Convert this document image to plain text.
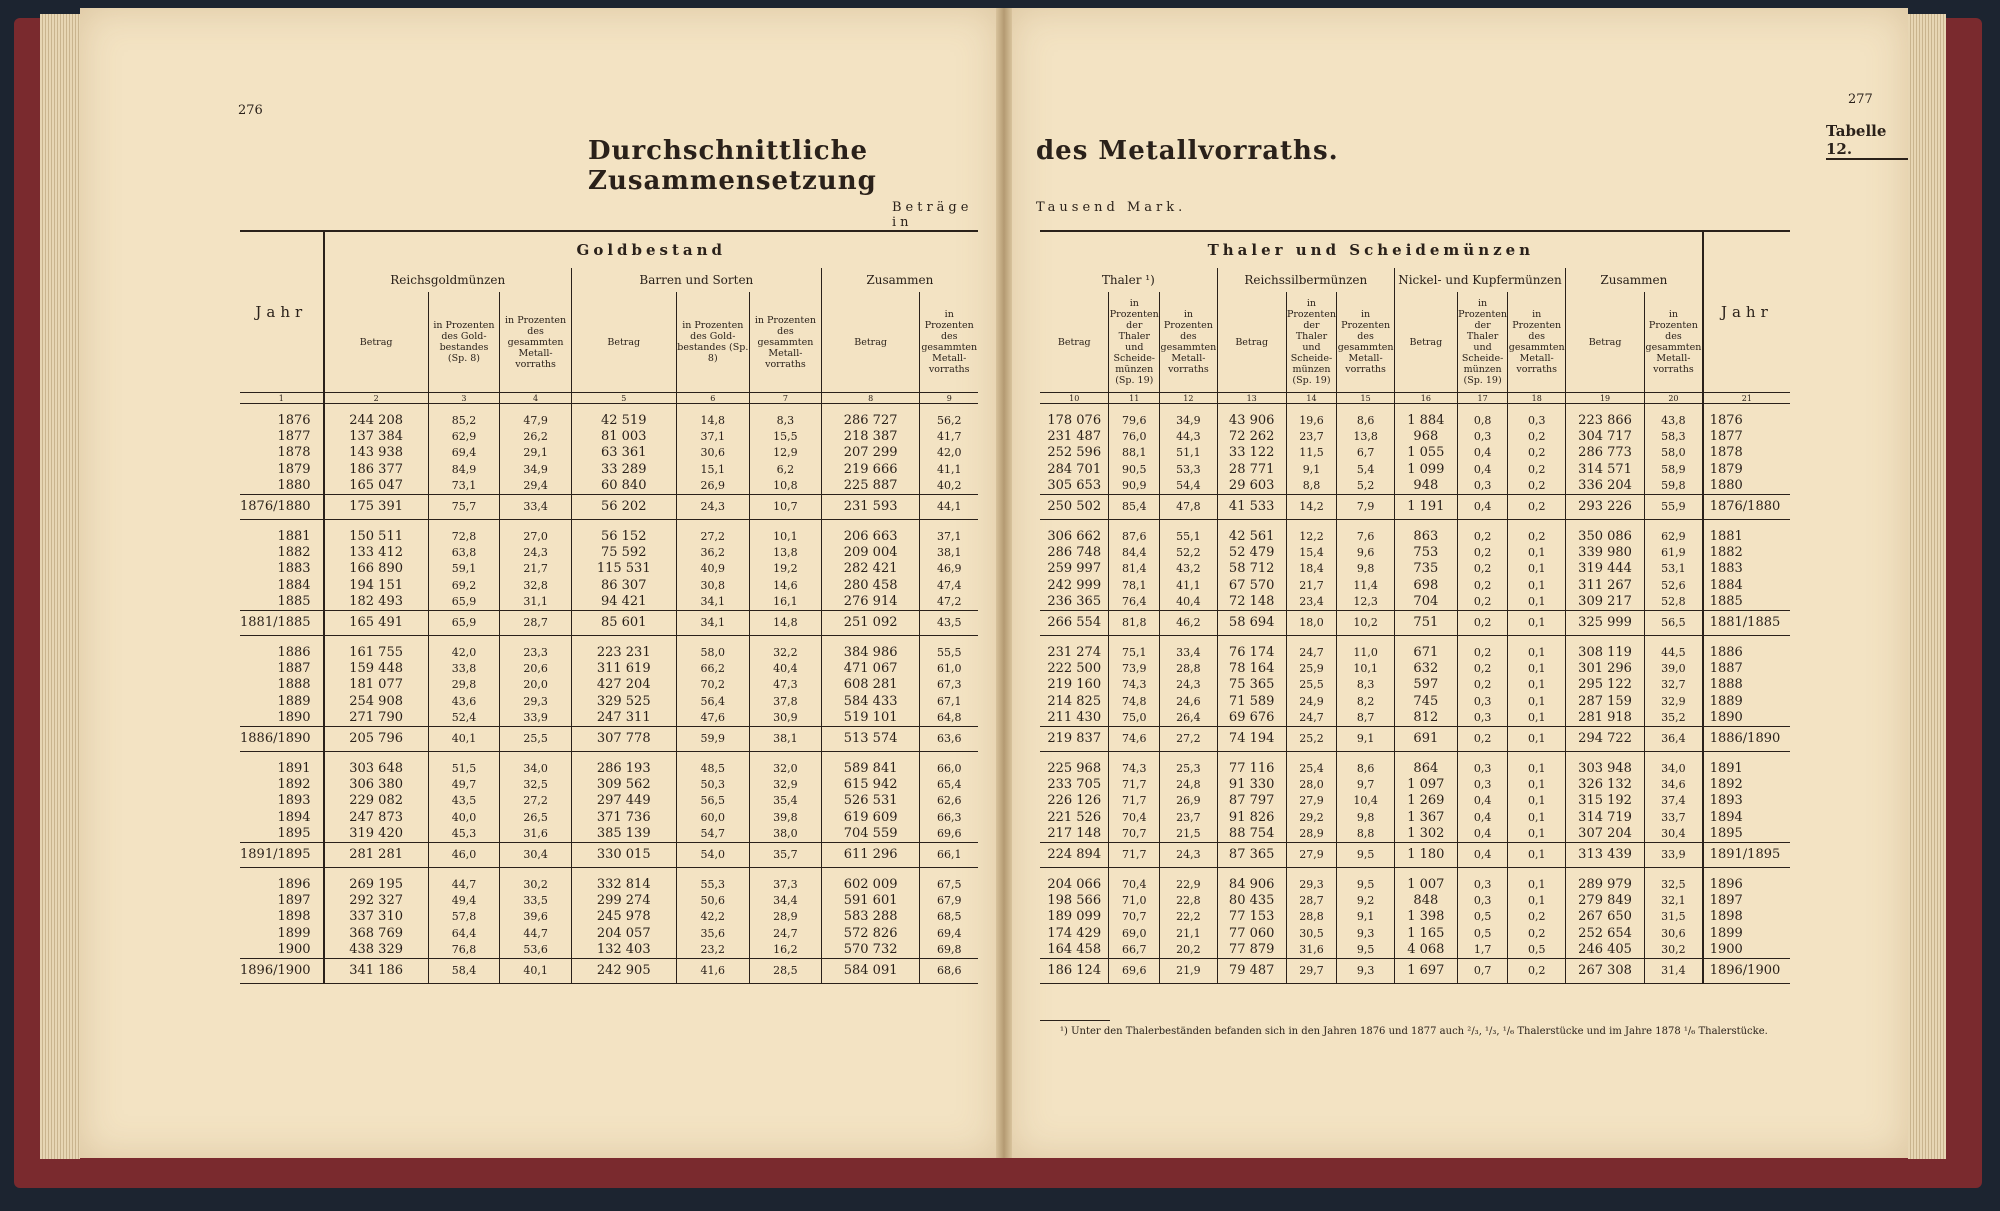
276
Durchschnittliche Zusammensetzung
Beträge in
Jahr	Goldbestand							
	Reichsgoldmünzen			Barren und Sorten			Zusammen	
	Betrag	in Prozenten des Gold-bestandes (Sp. 8)	in Prozenten des gesammten Metall-vorraths	Betrag	in Prozenten des Gold-bestandes (Sp. 8)	in Prozenten des gesammten Metall-vorraths	Betrag	in Prozenten des gesammten Metall-vorraths
1	2	3	4	5	6	7	8	9

1876	244 208	85,2	47,9	42 519	14,8	8,3	286 727	56,2
1877	137 384	62,9	26,2	81 003	37,1	15,5	218 387	41,7
1878	143 938	69,4	29,1	63 361	30,6	12,9	207 299	42,0
1879	186 377	84,9	34,9	33 289	15,1	6,2	219 666	41,1
1880	165 047	73,1	29,4	60 840	26,9	10,8	225 887	40,2
1876/1880	175 391	75,7	33,4	56 202	24,3	10,7	231 593	44,1

1881	150 511	72,8	27,0	56 152	27,2	10,1	206 663	37,1
1882	133 412	63,8	24,3	75 592	36,2	13,8	209 004	38,1
1883	166 890	59,1	21,7	115 531	40,9	19,2	282 421	46,9
1884	194 151	69,2	32,8	86 307	30,8	14,6	280 458	47,4
1885	182 493	65,9	31,1	94 421	34,1	16,1	276 914	47,2
1881/1885	165 491	65,9	28,7	85 601	34,1	14,8	251 092	43,5

1886	161 755	42,0	23,3	223 231	58,0	32,2	384 986	55,5
1887	159 448	33,8	20,6	311 619	66,2	40,4	471 067	61,0
1888	181 077	29,8	20,0	427 204	70,2	47,3	608 281	67,3
1889	254 908	43,6	29,3	329 525	56,4	37,8	584 433	67,1
1890	271 790	52,4	33,9	247 311	47,6	30,9	519 101	64,8
1886/1890	205 796	40,1	25,5	307 778	59,9	38,1	513 574	63,6

1891	303 648	51,5	34,0	286 193	48,5	32,0	589 841	66,0
1892	306 380	49,7	32,5	309 562	50,3	32,9	615 942	65,4
1893	229 082	43,5	27,2	297 449	56,5	35,4	526 531	62,6
1894	247 873	40,0	26,5	371 736	60,0	39,8	619 609	66,3
1895	319 420	45,3	31,6	385 139	54,7	38,0	704 559	69,6
1891/1895	281 281	46,0	30,4	330 015	54,0	35,7	611 296	66,1

1896	269 195	44,7	30,2	332 814	55,3	37,3	602 009	67,5
1897	292 327	49,4	33,5	299 274	50,6	34,4	591 601	67,9
1898	337 310	57,8	39,6	245 978	42,2	28,9	583 288	68,5
1899	368 769	64,4	44,7	204 057	35,6	24,7	572 826	69,4
1900	438 329	76,8	53,6	132 403	23,2	16,2	570 732	69,8
1896/1900	341 186	58,4	40,1	242 905	41,6	28,5	584 091	68,6
277
des Metallvorraths.
Tabelle 12.
Tausend Mark.
Thaler und Scheidemünzen											Jahr
Thaler ¹)			Reichssilbermünzen			Nickel- und Kupfermünzen			Zusammen		
Betrag	in Prozenten der Thaler und Scheide-münzen (Sp. 19)	in Prozenten des gesammten Metall-vorraths	Betrag	in Prozenten der Thaler und Scheide-münzen (Sp. 19)	in Prozenten des gesammten Metall-vorraths	Betrag	in Prozenten der Thaler und Scheide-münzen (Sp. 19)	in Prozenten des gesammten Metall-vorraths	Betrag	in Prozenten des gesammten Metall-vorraths	
10	11	12	13	14	15	16	17	18	19	20	21

178 076	79,6	34,9	43 906	19,6	8,6	1 884	0,8	0,3	223 866	43,8	1876
231 487	76,0	44,3	72 262	23,7	13,8	968	0,3	0,2	304 717	58,3	1877
252 596	88,1	51,1	33 122	11,5	6,7	1 055	0,4	0,2	286 773	58,0	1878
284 701	90,5	53,3	28 771	9,1	5,4	1 099	0,4	0,2	314 571	58,9	1879
305 653	90,9	54,4	29 603	8,8	5,2	948	0,3	0,2	336 204	59,8	1880
250 502	85,4	47,8	41 533	14,2	7,9	1 191	0,4	0,2	293 226	55,9	1876/1880

306 662	87,6	55,1	42 561	12,2	7,6	863	0,2	0,2	350 086	62,9	1881
286 748	84,4	52,2	52 479	15,4	9,6	753	0,2	0,1	339 980	61,9	1882
259 997	81,4	43,2	58 712	18,4	9,8	735	0,2	0,1	319 444	53,1	1883
242 999	78,1	41,1	67 570	21,7	11,4	698	0,2	0,1	311 267	52,6	1884
236 365	76,4	40,4	72 148	23,4	12,3	704	0,2	0,1	309 217	52,8	1885
266 554	81,8	46,2	58 694	18,0	10,2	751	0,2	0,1	325 999	56,5	1881/1885

231 274	75,1	33,4	76 174	24,7	11,0	671	0,2	0,1	308 119	44,5	1886
222 500	73,9	28,8	78 164	25,9	10,1	632	0,2	0,1	301 296	39,0	1887
219 160	74,3	24,3	75 365	25,5	8,3	597	0,2	0,1	295 122	32,7	1888
214 825	74,8	24,6	71 589	24,9	8,2	745	0,3	0,1	287 159	32,9	1889
211 430	75,0	26,4	69 676	24,7	8,7	812	0,3	0,1	281 918	35,2	1890
219 837	74,6	27,2	74 194	25,2	9,1	691	0,2	0,1	294 722	36,4	1886/1890

225 968	74,3	25,3	77 116	25,4	8,6	864	0,3	0,1	303 948	34,0	1891
233 705	71,7	24,8	91 330	28,0	9,7	1 097	0,3	0,1	326 132	34,6	1892
226 126	71,7	26,9	87 797	27,9	10,4	1 269	0,4	0,1	315 192	37,4	1893
221 526	70,4	23,7	91 826	29,2	9,8	1 367	0,4	0,1	314 719	33,7	1894
217 148	70,7	21,5	88 754	28,9	8,8	1 302	0,4	0,1	307 204	30,4	1895
224 894	71,7	24,3	87 365	27,9	9,5	1 180	0,4	0,1	313 439	33,9	1891/1895

204 066	70,4	22,9	84 906	29,3	9,5	1 007	0,3	0,1	289 979	32,5	1896
198 566	71,0	22,8	80 435	28,7	9,2	848	0,3	0,1	279 849	32,1	1897
189 099	70,7	22,2	77 153	28,8	9,1	1 398	0,5	0,2	267 650	31,5	1898
174 429	69,0	21,1	77 060	30,5	9,3	1 165	0,5	0,2	252 654	30,6	1899
164 458	66,7	20,2	77 879	31,6	9,5	4 068	1,7	0,5	246 405	30,2	1900
186 124	69,6	21,9	79 487	29,7	9,3	1 697	0,7	0,2	267 308	31,4	1896/1900
¹) Unter den Thalerbeständen befanden sich in den Jahren 1876 und 1877 auch ²/₃, ¹/₃, ¹/₆ Thalerstücke und im Jahre 1878 ¹/₆ Thalerstücke.
